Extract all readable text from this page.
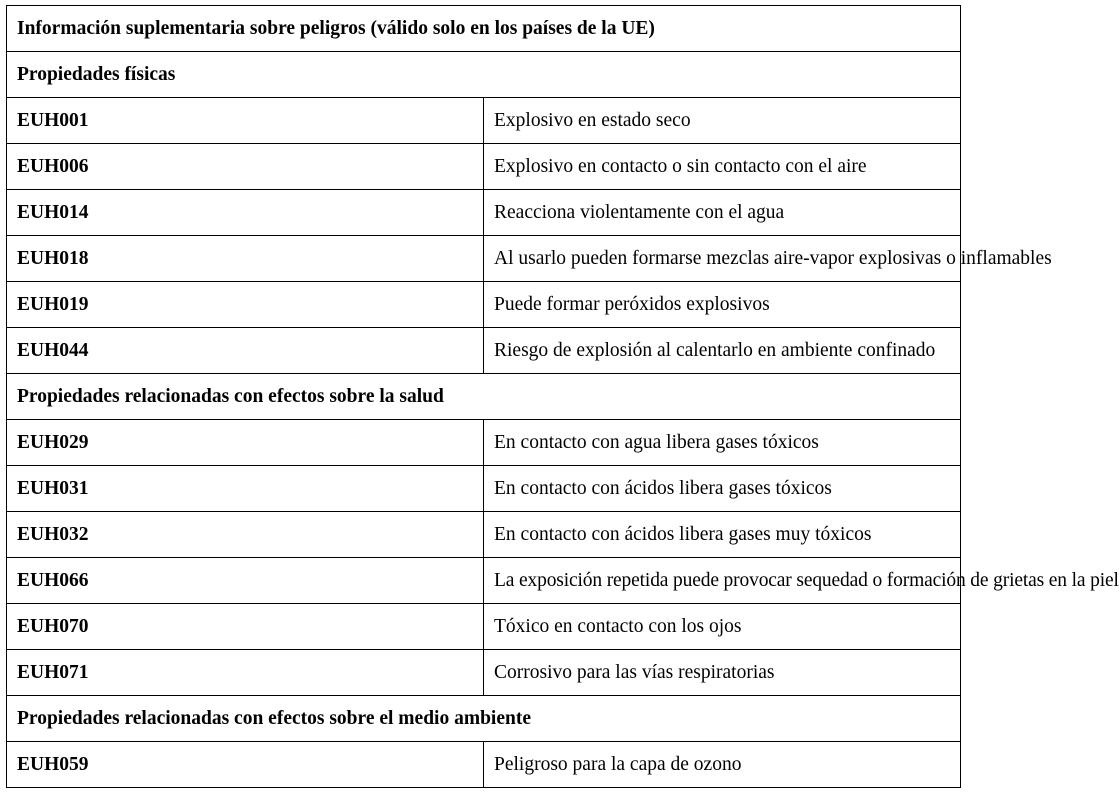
Información suplementaria sobre peligros (válido solo en los países de la UE)	
Propiedades físicas	
EUH001	Explosivo en estado seco
EUH006	Explosivo en contacto o sin contacto con el aire
EUH014	Reacciona violentamente con el agua
EUH018	Al usarlo pueden formarse mezclas aire-vapor explosivas o inflamables
EUH019	Puede formar peróxidos explosivos
EUH044	Riesgo de explosión al calentarlo en ambiente confinado
Propiedades relacionadas con efectos sobre la salud	
EUH029	En contacto con agua libera gases tóxicos
EUH031	En contacto con ácidos libera gases tóxicos
EUH032	En contacto con ácidos libera gases muy tóxicos
EUH066	La exposición repetida puede provocar sequedad o formación de grietas en la piel
EUH070	Tóxico en contacto con los ojos
EUH071	Corrosivo para las vías respiratorias
Propiedades relacionadas con efectos sobre el medio ambiente	
EUH059	Peligroso para la capa de ozono
